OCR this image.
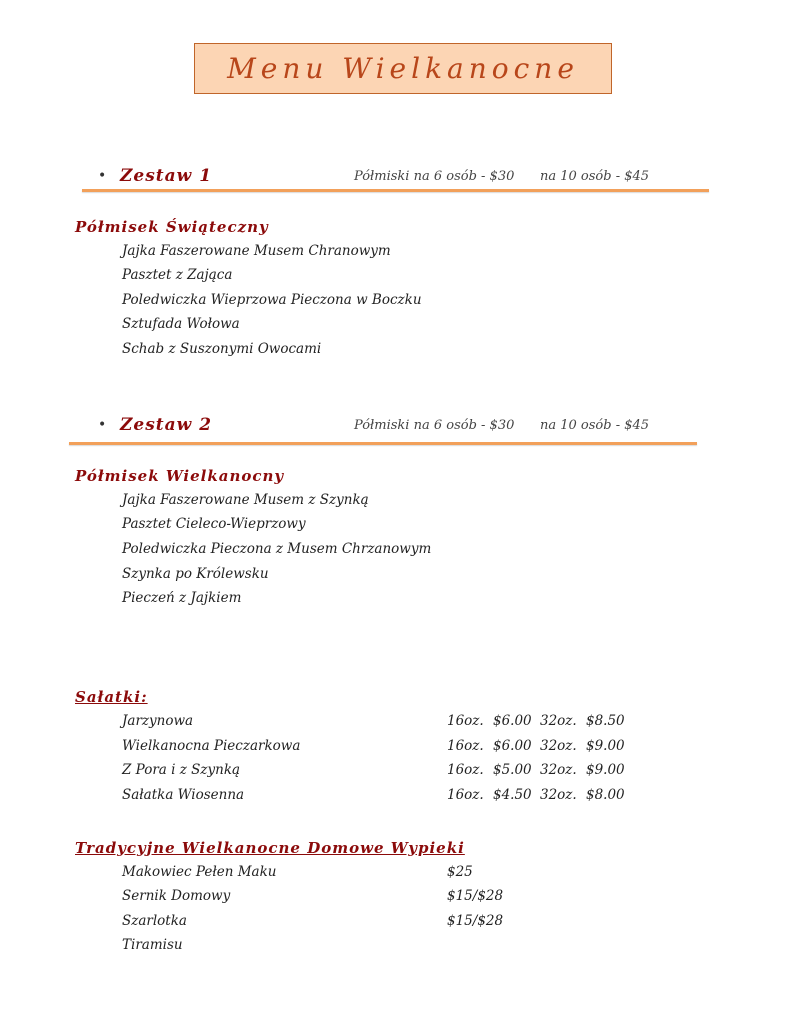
Menu Wielkanocne
• Zestaw 1	Półmiski na 6 osób - $30 na 10 osób - $45
Półmisek Świąteczny
Jajka Faszerowane Musem Chranowym
Pasztet z Zająca
Poledwiczka Wieprzowa Pieczona w Boczku
Sztufada Wołowa
Schab z Suszonymi Owocami
• Zestaw 2	Półmiski na 6 osób - $30 na 10 osób - $45
Półmisek Wielkanocny
Jajka Faszerowane Musem z Szynką
Pasztet Cieleco-Wieprzowy
Poledwiczka Pieczona z Musem Chrzanowym
Szynka po Królewsku
Pieczeń z Jajkiem
Sałatki:
Jarzynowa	16oz. $6.00 32oz. $8.50
Wielkanocna Pieczarkowa	16oz. $6.00 32oz. $9.00
Z Pora i z Szynką	16oz. $5.00 32oz. $9.00
Sałatka Wiosenna	16oz. $4.50 32oz. $8.00
Tradycyjne Wielkanocne Domowe Wypieki
Makowiec Pełen Maku	$25
Sernik Domowy	$15/$28
Szarlotka	$15/$28
Tiramisu
